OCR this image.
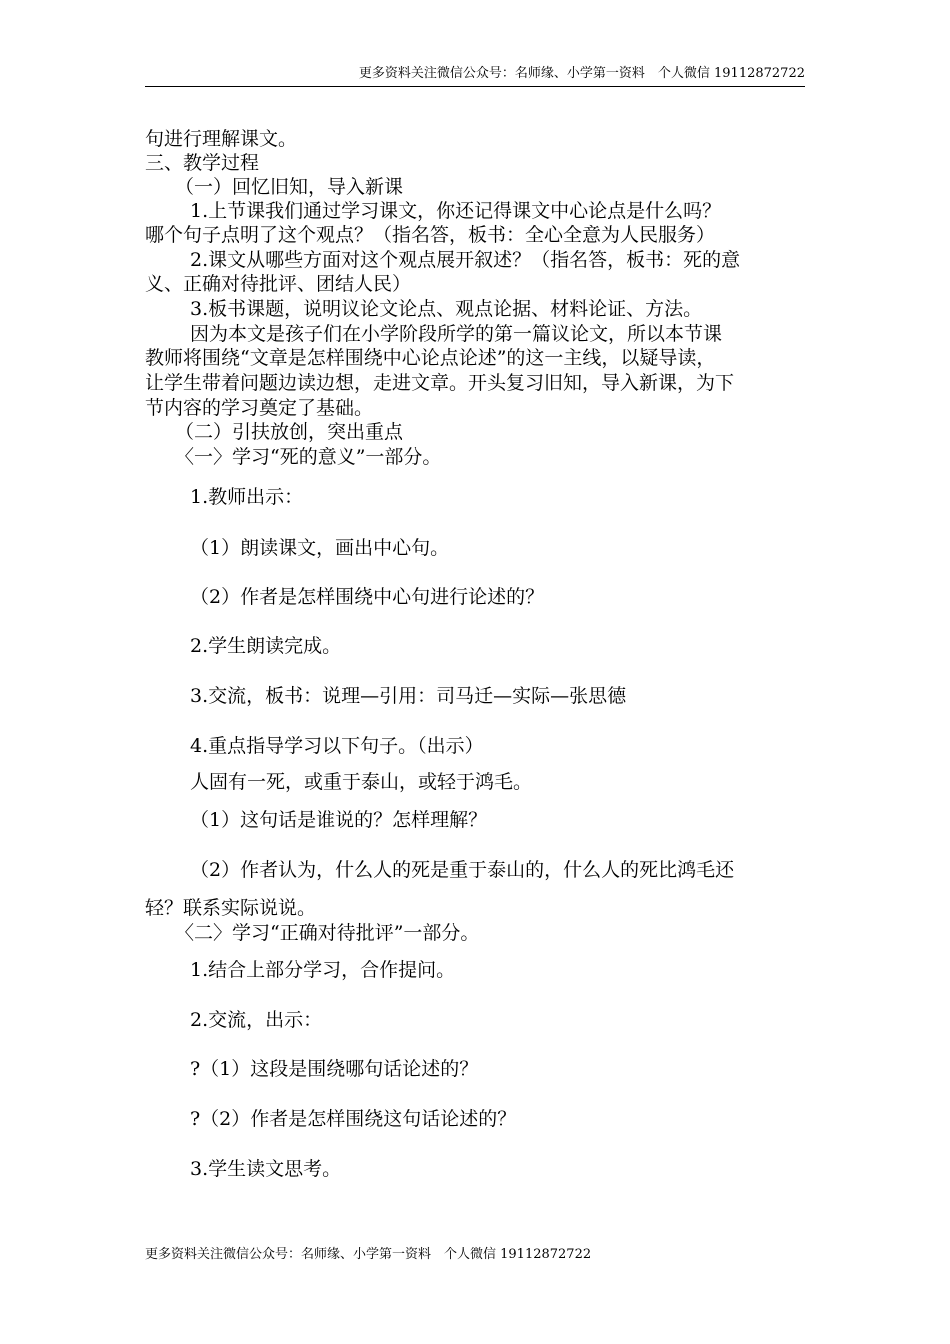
更多资料关注微信公众号：名师缘、小学第一资料　个人微信 19112872722
句进行理解课文。
三、教学过程
（一）回忆旧知，导入新课
1.上节课我们通过学习课文，你还记得课文中心论点是什么吗？
哪个句子点明了这个观点？（指名答，板书：全心全意为人民服务）
2.课文从哪些方面对这个观点展开叙述？（指名答，板书：死的意
义、正确对待批评、团结人民）
3.板书课题，说明议论文论点、观点论据、材料论证、方法。
因为本文是孩子们在小学阶段所学的第一篇议论文，所以本节课
教师将围绕“文章是怎样围绕中心论点论述”的这一主线，以疑导读，
让学生带着问题边读边想，走进文章。开头复习旧知，导入新课，为下
节内容的学习奠定了基础。
（二）引扶放创，突出重点
〈一〉学习“死的意义”一部分。
1.教师出示：
（1）朗读课文，画出中心句。
（2）作者是怎样围绕中心句进行论述的？
2.学生朗读完成。
3.交流，板书：说理—引用：司马迁—实际—张思德
4.重点指导学习以下句子。（出示）
人固有一死，或重于泰山，或轻于鸿毛。
（1）这句话是谁说的？怎样理解？
（2）作者认为，什么人的死是重于泰山的，什么人的死比鸿毛还
轻？联系实际说说。
〈二〉学习“正确对待批评”一部分。
1.结合上部分学习，合作提问。
2.交流，出示：
?（1）这段是围绕哪句话论述的？
?（2）作者是怎样围绕这句话论述的？
3.学生读文思考。
更多资料关注微信公众号：名师缘、小学第一资料　个人微信 19112872722
